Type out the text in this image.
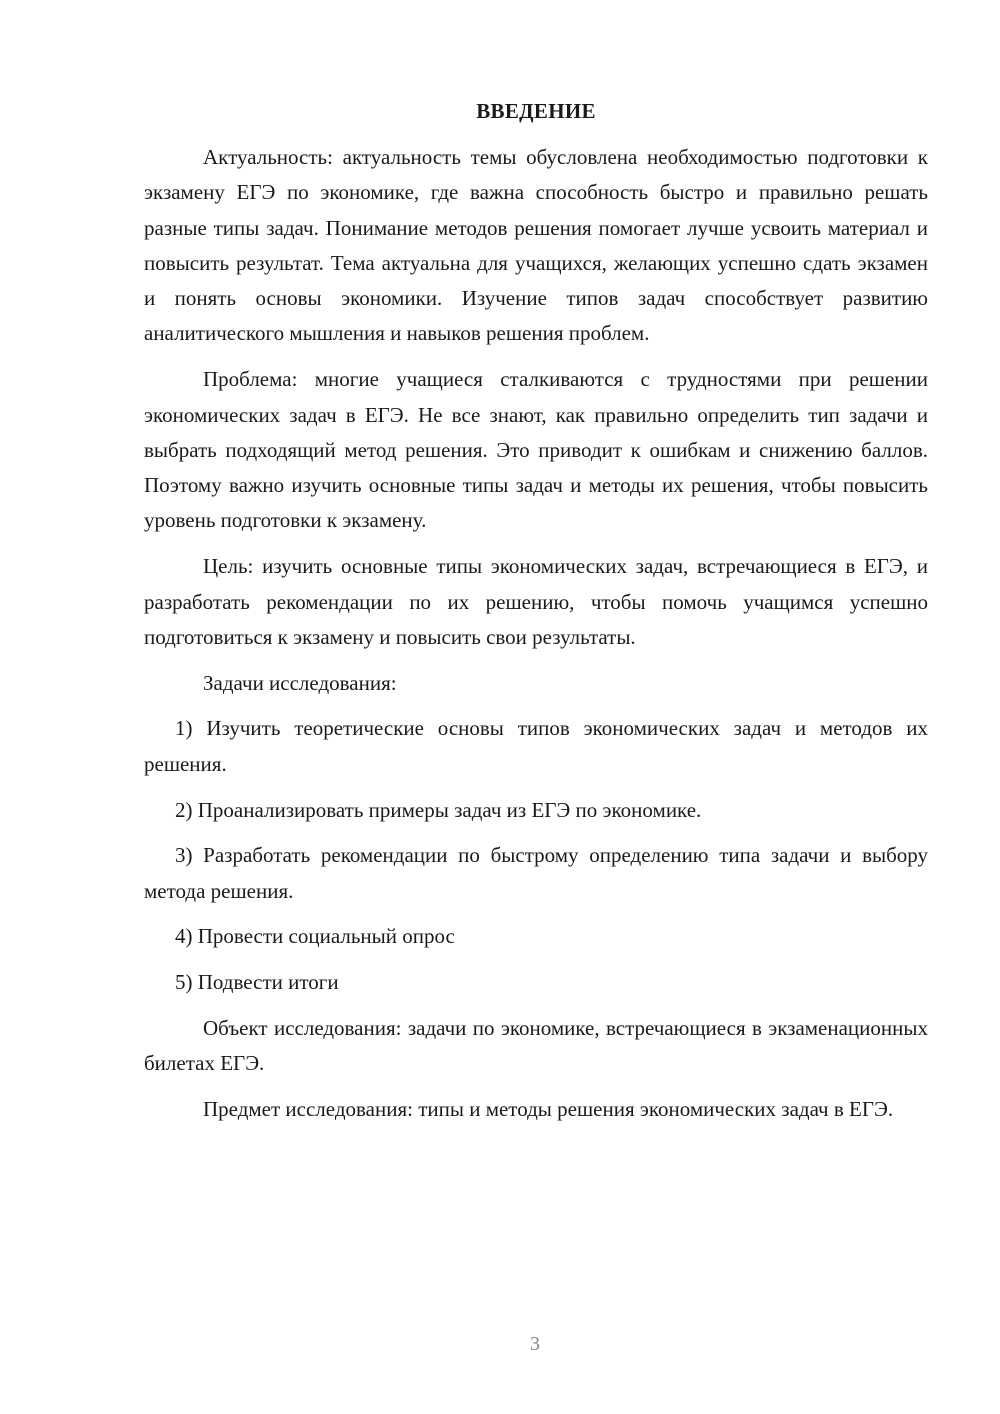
ВВЕДЕНИЕ

Актуальность: актуальность темы обусловлена необходимостью подготовки к экзамену ЕГЭ по экономике, где важна способность быстро и правильно решать разные типы задач. Понимание методов решения помогает лучше усвоить материал и повысить результат. Тема актуальна для учащихся, желающих успешно сдать экзамен и понять основы экономики. Изучение типов задач способствует развитию аналитического мышления и навыков решения проблем.

Проблема: многие учащиеся сталкиваются с трудностями при решении экономических задач в ЕГЭ. Не все знают, как правильно определить тип задачи и выбрать подходящий метод решения. Это приводит к ошибкам и снижению баллов. Поэтому важно изучить основные типы задач и методы их решения, чтобы повысить уровень подготовки к экзамену.

Цель: изучить основные типы экономических задач, встречающиеся в ЕГЭ, и разработать рекомендации по их решению, чтобы помочь учащимся успешно подготовиться к экзамену и повысить свои результаты.

Задачи исследования:

1) Изучить теоретические основы типов экономических задач и методов их решения.

2) Проанализировать примеры задач из ЕГЭ по экономике.

3) Разработать рекомендации по быстрому определению типа задачи и выбору метода решения.

4) Провести социальный опрос

5) Подвести итоги

Объект исследования: задачи по экономике, встречающиеся в экзаменационных билетах ЕГЭ.

Предмет исследования: типы и методы решения экономических задач в ЕГЭ.

3
